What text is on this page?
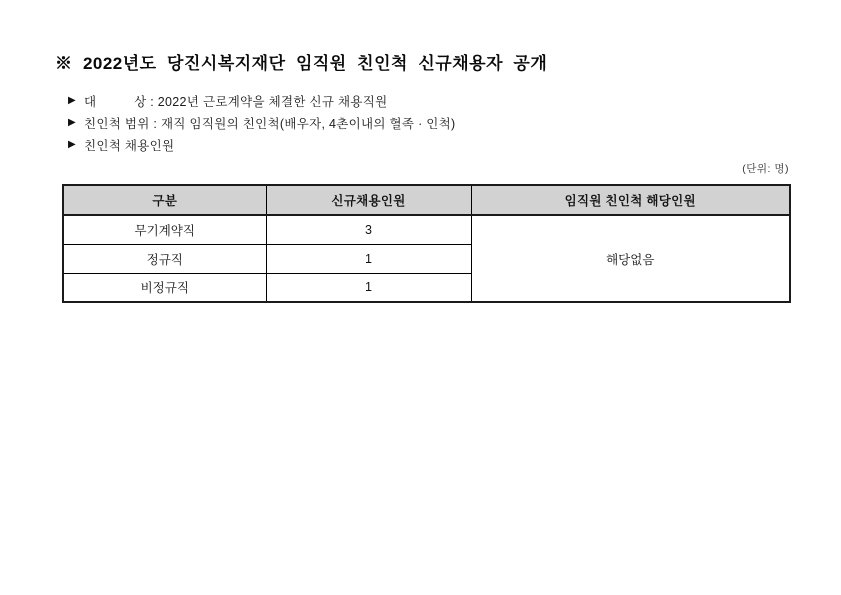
※  2022년도  당진시복지재단  임직원  친인척  신규채용자  공개
▶ 대          상 : 2022년 근로계약을 체결한 신규 채용직원
▶ 친인척 범위 : 재직 임직원의 친인척(배우자, 4촌이내의 혈족 · 인척)
▶ 친인척 채용인원
(단위: 명)
구분	신규채용인원	임직원 친인척 해당인원
무기계약직	3	해당없음
정규직	1	
비정규직	1	
